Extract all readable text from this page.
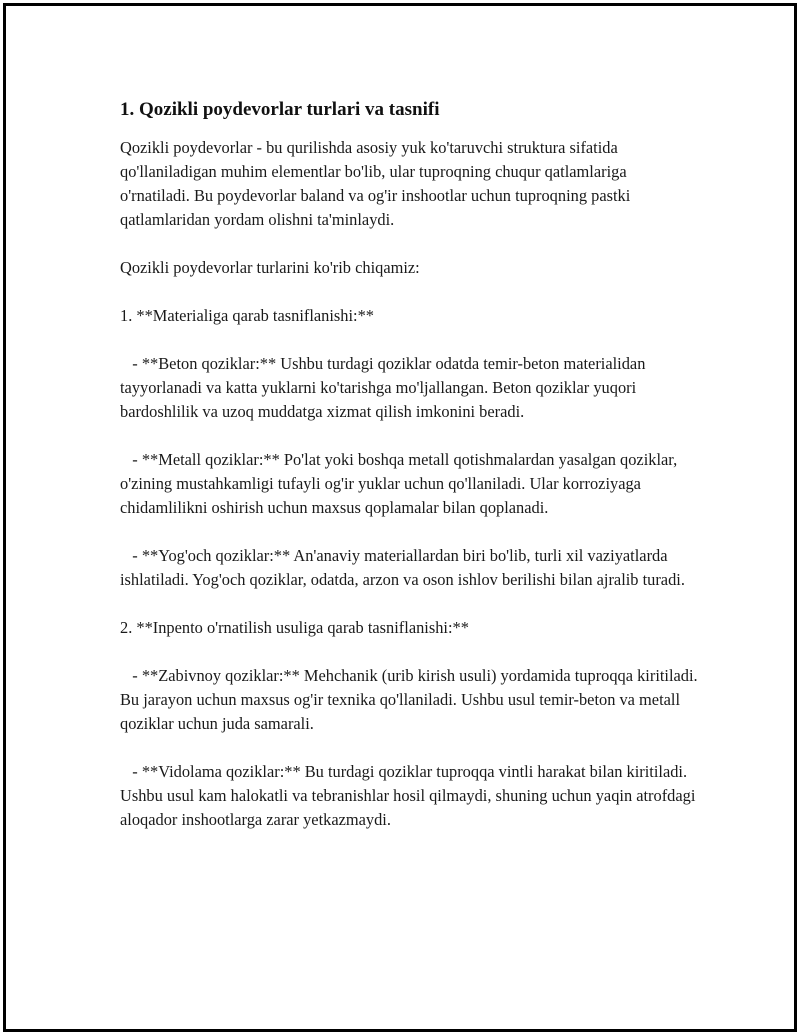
1. Qozikli poydevorlar turlari va tasnifi

Qozikli poydevorlar - bu qurilishda asosiy yuk ko'taruvchi struktura sifatida qo'llaniladigan muhim elementlar bo'lib, ular tuproqning chuqur qatlamlariga o'rnatiladi. Bu poydevorlar baland va og'ir inshootlar uchun tuproqning pastki qatlamlaridan yordam olishni ta'minlaydi.

Qozikli poydevorlar turlarini ko'rib chiqamiz:

1. **Materialiga qarab tasniflanishi:**

- **Beton qoziklar:** Ushbu turdagi qoziklar odatda temir-beton materialidan tayyorlanadi va katta yuklarni ko'tarishga mo'ljallangan. Beton qoziklar yuqori bardoshlilik va uzoq muddatga xizmat qilish imkonini beradi.

- **Metall qoziklar:** Po'lat yoki boshqa metall qotishmalardan yasalgan qoziklar, o'zining mustahkamligi tufayli og'ir yuklar uchun qo'llaniladi. Ular korroziyaga chidamlilikni oshirish uchun maxsus qoplamalar bilan qoplanadi.

- **Yog'och qoziklar:** An'anaviy materiallardan biri bo'lib, turli xil vaziyatlarda ishlatiladi. Yog'och qoziklar, odatda, arzon va oson ishlov berilishi bilan ajralib turadi.

2. **Inpento o'rnatilish usuliga qarab tasniflanishi:**

- **Zabivnoy qoziklar:** Mehchanik (urib kirish usuli) yordamida tuproqqa kiritiladi. Bu jarayon uchun maxsus og'ir texnika qo'llaniladi. Ushbu usul temir-beton va metall qoziklar uchun juda samarali.

- **Vidolama qoziklar:** Bu turdagi qoziklar tuproqqa vintli harakat bilan kiritiladi. Ushbu usul kam halokatli va tebranishlar hosil qilmaydi, shuning uchun yaqin atrofdagi aloqador inshootlarga zarar yetkazmaydi.
